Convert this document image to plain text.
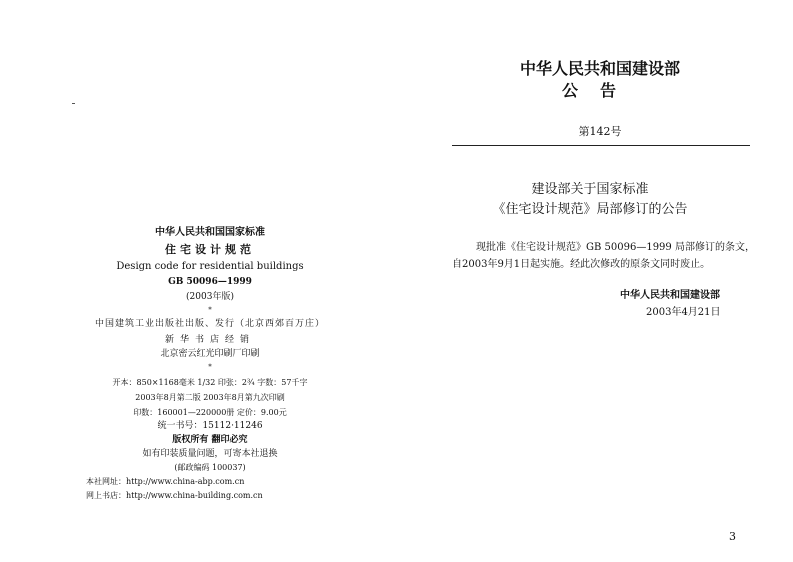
中华人民共和国国家标准
住宅设计规范
Design code for residential buildings
GB 50096—1999
(2003年版)
*
中国建筑工业出版社出版、发行（北京西郊百万庄）
新华书店经销
北京密云红光印刷厂印刷
*
开本：850×1168毫米 1/32 印张：2¾ 字数：57千字
2003年8月第二版 2003年8月第九次印刷
印数：160001—220000册 定价：9.00元
统一书号：15112·11246
版权所有 翻印必究
如有印装质量问题，可寄本社退换
(邮政编码 100037)
本社网址：http://www.china-abp.com.cn
网上书店：http://www.china-building.com.cn
中华人民共和国建设部
公告
第142号
建设部关于国家标准
《住宅设计规范》局部修订的公告
现批准《住宅设计规范》GB 50096—1999 局部修订的条文，
自2003年9月1日起实施。经此次修改的原条文同时废止。
中华人民共和国建设部
2003年4月21日
3
